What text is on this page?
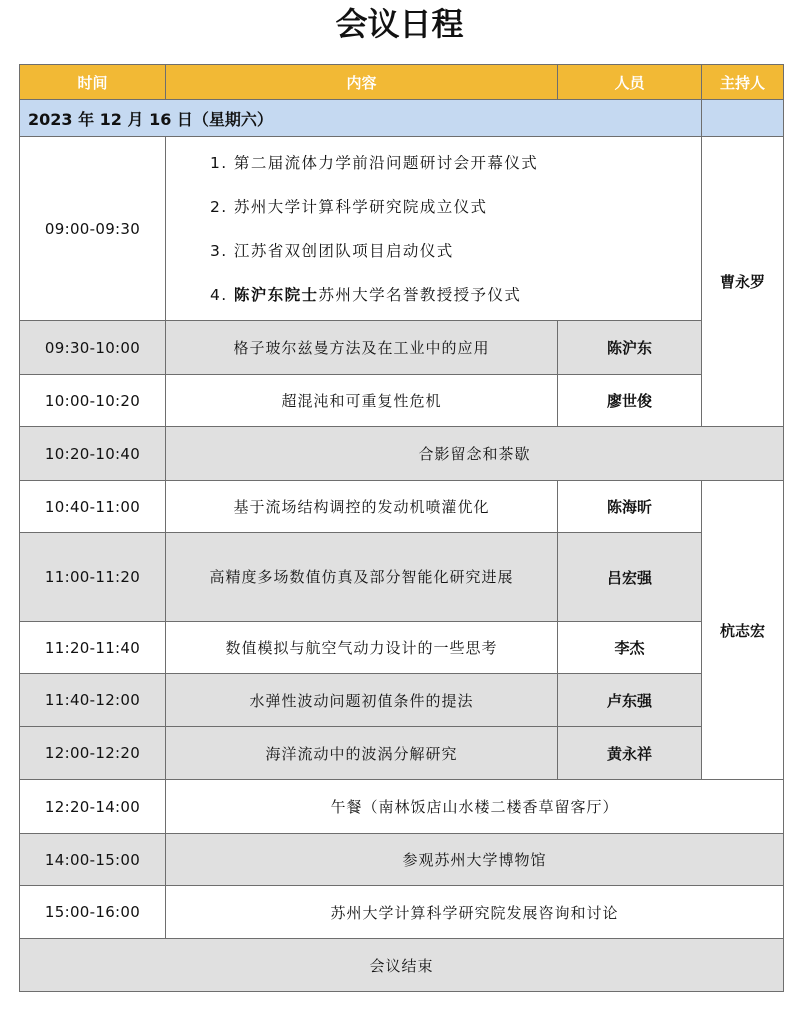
会议日程
时间	内容	人员	主持人
2023 年 12 月 16 日（星期六）			
09:00-09:30	1. 第二届流体力学前沿问题研讨会开幕仪式
2. 苏州大学计算科学研究院成立仪式
3. 江苏省双创团队项目启动仪式
4. 陈沪东院士苏州大学名誉教授授予仪式		曹永罗
09:30-10:00	格子玻尔兹曼方法及在工业中的应用	陈沪东	
10:00-10:20	超混沌和可重复性危机	廖世俊	
10:20-10:40	合影留念和茶歇		
10:40-11:00	基于流场结构调控的发动机喷灌优化	陈海昕	杭志宏
11:00-11:20	高精度多场数值仿真及部分智能化研究进展	吕宏强	
11:20-11:40	数值模拟与航空气动力设计的一些思考	李杰	
11:40-12:00	水弹性波动问题初值条件的提法	卢东强	
12:00-12:20	海洋流动中的波涡分解研究	黄永祥	
12:20-14:00	午餐（南林饭店山水楼二楼香草留客厅）		
14:00-15:00	参观苏州大学博物馆		
15:00-16:00	苏州大学计算科学研究院发展咨询和讨论		
会议结束			
